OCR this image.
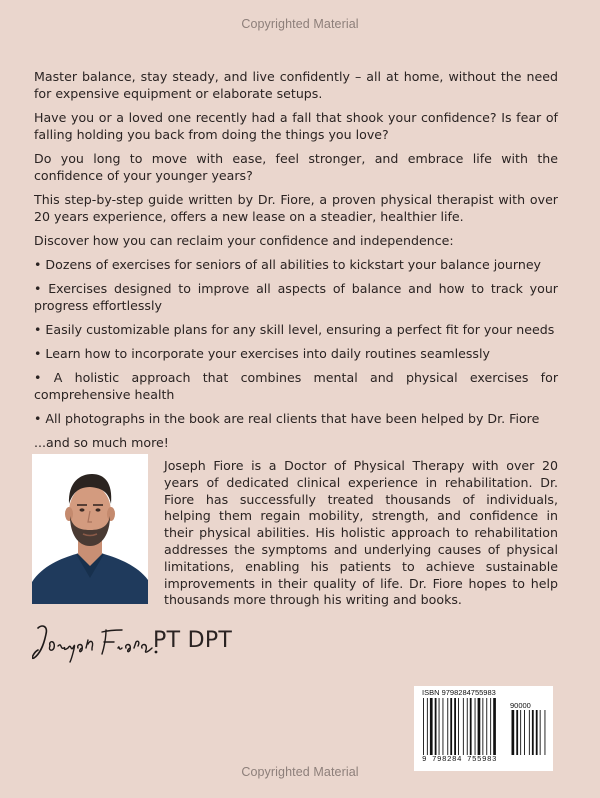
Copyrighted Material

Master balance, stay steady, and live confidently – all at home, without the need for expensive equipment or elaborate setups.

Have you or a loved one recently had a fall that shook your confidence? Is fear of falling holding you back from doing the things you love?

Do you long to move with ease, feel stronger, and embrace life with the confidence of your younger years?

This step-by-step guide written by Dr. Fiore, a proven physical therapist with over 20 years experience, offers a new lease on a steadier, healthier life.

Discover how you can reclaim your confidence and independence:

• Dozens of exercises for seniors of all abilities to kickstart your balance journey

• Exercises designed to improve all aspects of balance and how to track your progress effortlessly

• Easily customizable plans for any skill level, ensuring a perfect fit for your needs

• Learn how to incorporate your exercises into daily routines seamlessly

• A holistic approach that combines mental and physical exercises for comprehensive health

• All photographs in the book are real clients that have been helped by Dr. Fiore

...and so much more!

Joseph Fiore is a Doctor of Physical Therapy with over 20 years of dedicated clinical experience in rehabilitation. Dr. Fiore has successfully treated thousands of individuals, helping them regain mobility, strength, and confidence in their physical abilities. His holistic approach to rehabilitation addresses the symptoms and underlying causes of physical limitations, enabling his patients to achieve sustainable improvements in their quality of life. Dr. Fiore hopes to help thousands more through his writing and books.

PT DPT
ISBN 9798284755983
90000
9 798284 755983
Copyrighted Material
